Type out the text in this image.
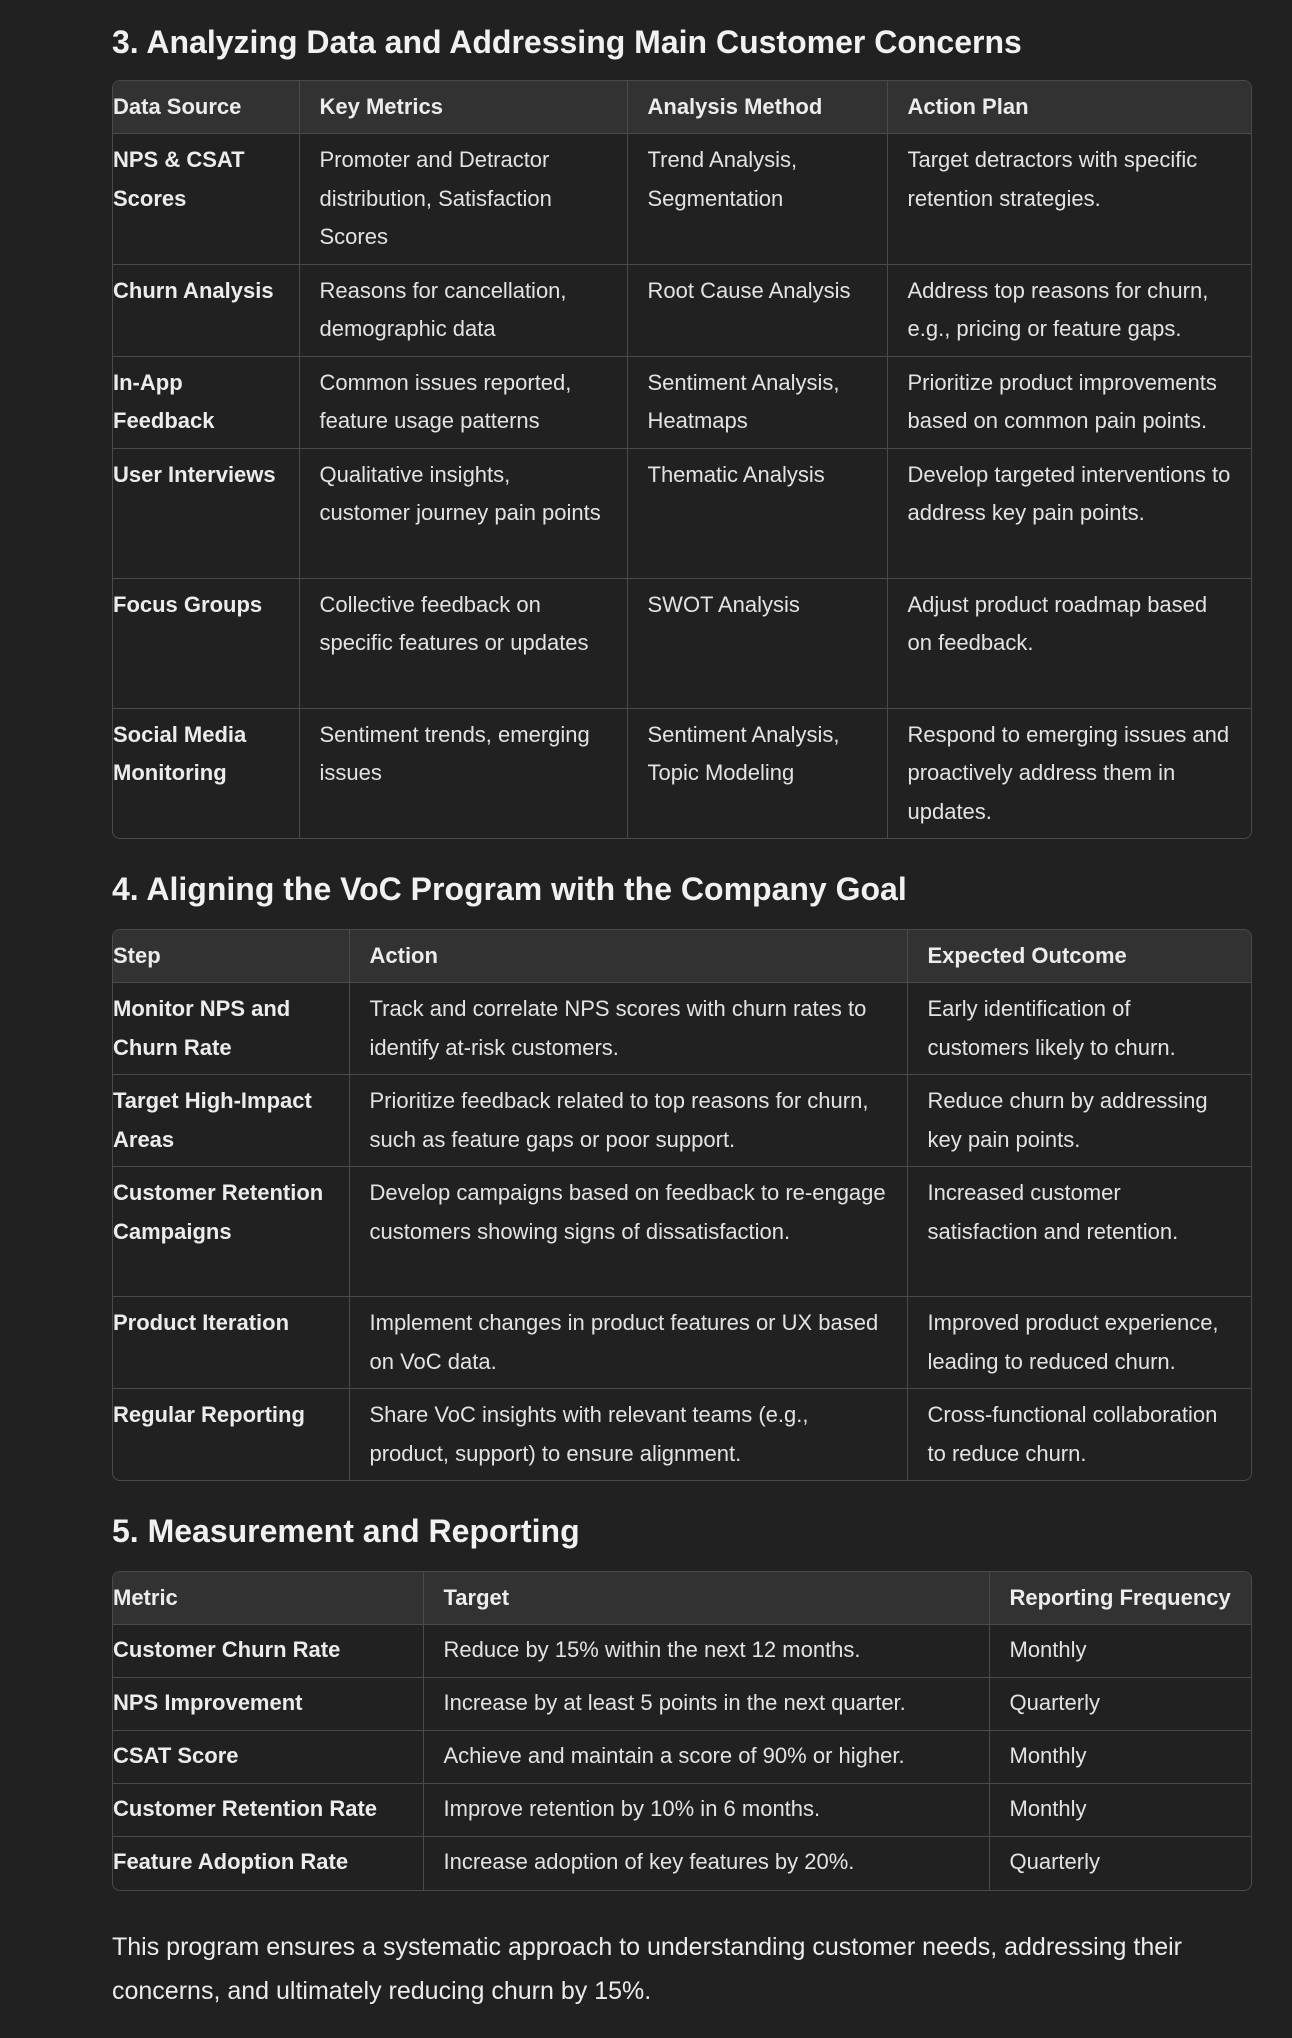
3. Analyzing Data and Addressing Main Customer Concerns
Data Source	Key Metrics	Analysis Method	Action Plan
NPS & CSAT Scores	Promoter and Detractor distribution, Satisfaction Scores	Trend Analysis, Segmentation	Target detractors with specific retention strategies.
Churn Analysis	Reasons for cancellation, demographic data	Root Cause Analysis	Address top reasons for churn, e.g., pricing or feature gaps.
In-App Feedback	Common issues reported, feature usage patterns	Sentiment Analysis, Heatmaps	Prioritize product improvements based on common pain points.
User Interviews	Qualitative insights, customer journey pain points	Thematic Analysis	Develop targeted interventions to address key pain points.
Focus Groups	Collective feedback on specific features or updates	SWOT Analysis	Adjust product roadmap based on feedback.
Social Media Monitoring	Sentiment trends, emerging issues	Sentiment Analysis, Topic Modeling	Respond to emerging issues and proactively address them in updates.
4. Aligning the VoC Program with the Company Goal
Step	Action	Expected Outcome
Monitor NPS and Churn Rate	Track and correlate NPS scores with churn rates to identify at-risk customers.	Early identification of customers likely to churn.
Target High-Impact Areas	Prioritize feedback related to top reasons for churn, such as feature gaps or poor support.	Reduce churn by addressing key pain points.
Customer Retention Campaigns	Develop campaigns based on feedback to re-engage customers showing signs of dissatisfaction.	Increased customer satisfaction and retention.
Product Iteration	Implement changes in product features or UX based on VoC data.	Improved product experience, leading to reduced churn.
Regular Reporting	Share VoC insights with relevant teams (e.g., product, support) to ensure alignment.	Cross-functional collaboration to reduce churn.
5. Measurement and Reporting
Metric	Target	Reporting Frequency
Customer Churn Rate	Reduce by 15% within the next 12 months.	Monthly
NPS Improvement	Increase by at least 5 points in the next quarter.	Quarterly
CSAT Score	Achieve and maintain a score of 90% or higher.	Monthly
Customer Retention Rate	Improve retention by 10% in 6 months.	Monthly
Feature Adoption Rate	Increase adoption of key features by 20%.	Quarterly

This program ensures a systematic approach to understanding customer needs, addressing their concerns, and ultimately reducing churn by 15%.
